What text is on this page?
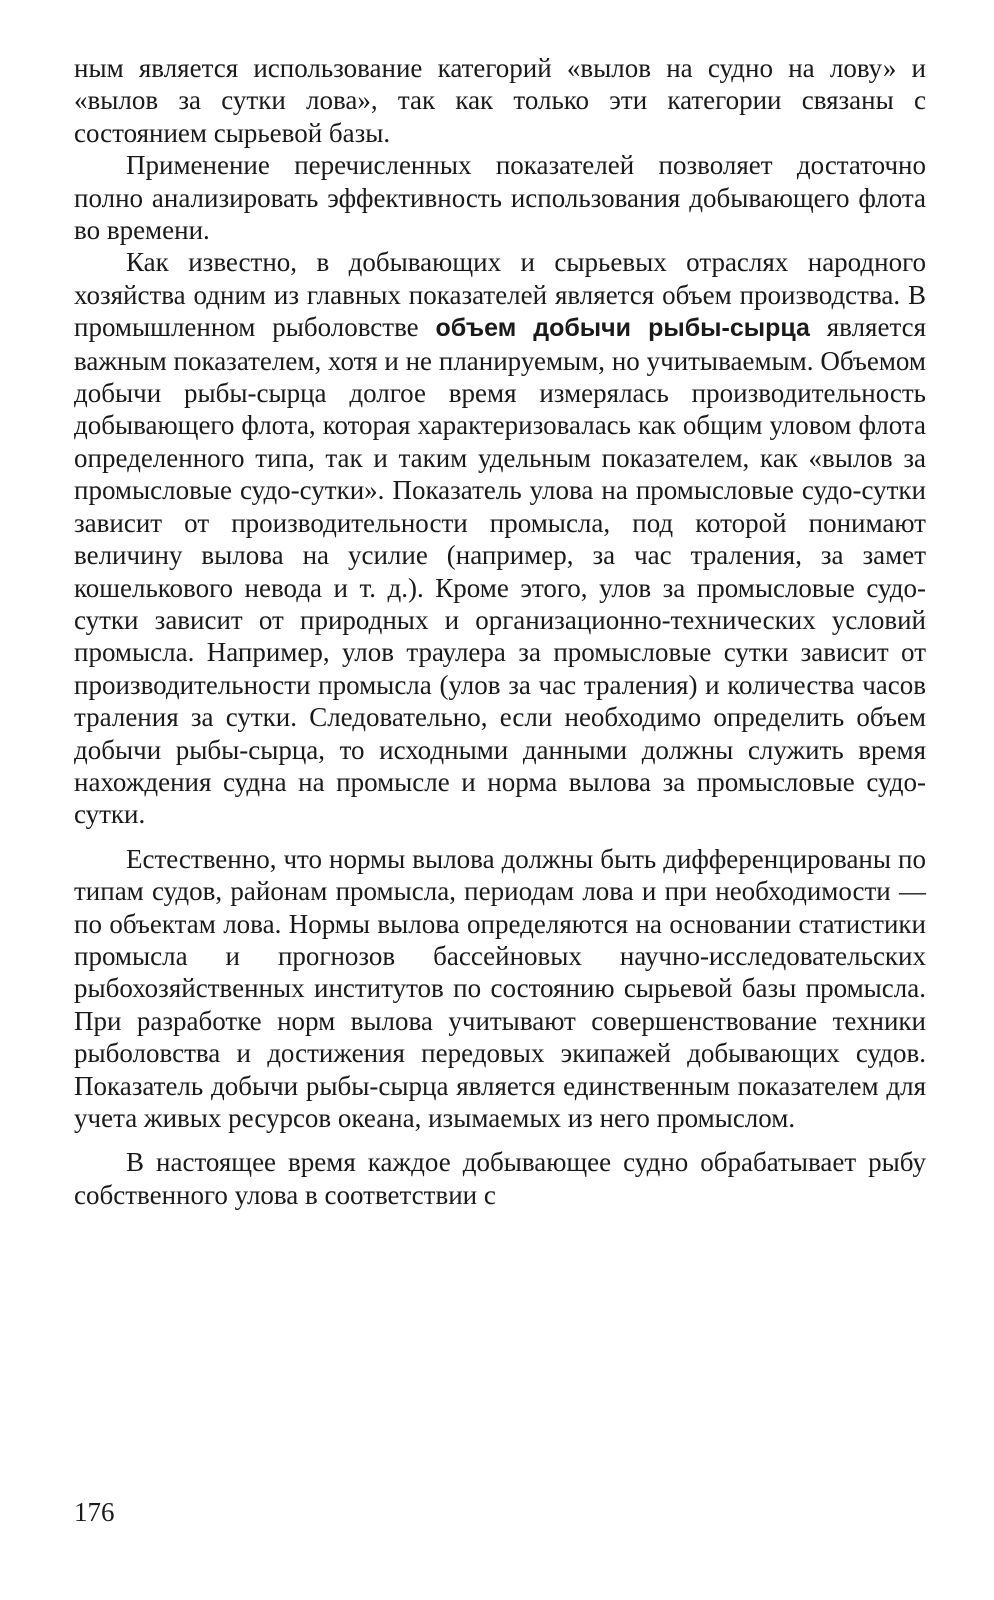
ным является использование категорий «вылов на судно на лову» и «вылов за сутки лова», так как только эти категории связаны с состоянием сырьевой базы.

Применение перечисленных показателей позволяет достаточно полно анализировать эффективность использования добывающего флота во времени.

Как известно, в добывающих и сырьевых отраслях народного хозяйства одним из главных показателей является объем производства. В промышленном рыболовстве объем добычи рыбы-сырца является важным показателем, хотя и не планируемым, но учитываемым. Объемом добычи рыбы-сырца долгое время измерялась производительность добывающего флота, которая характеризовалась как общим уловом флота определенного типа, так и таким удельным показателем, как «вылов за промысловые судо-сутки». Показатель улова на промысловые судо-сутки зависит от производительности промысла, под которой понимают величину вылова на усилие (например, за час траления, за замет кошелькового невода и т. д.). Кроме этого, улов за промысловые судо-сутки зависит от природных и организационно-технических условий промысла. Например, улов траулера за промысловые сутки зависит от производительности промысла (улов за час траления) и количества часов траления за сутки. Следовательно, если необходимо определить объем добычи рыбы-сырца, то исходными данными должны служить время нахождения судна на промысле и норма вылова за промысловые судо-сутки.

Естественно, что нормы вылова должны быть дифференцированы по типам судов, районам промысла, периодам лова и при необходимости — по объектам лова. Нормы вылова определяются на основании статистики промысла и прогнозов бассейновых научно-исследовательских рыбохозяйственных институтов по состоянию сырьевой базы промысла. При разработке норм вылова учитывают совершенствование техники рыболовства и достижения передовых экипажей добывающих судов. Показатель добычи рыбы-сырца является единственным показателем для учета живых ресурсов океана, изымаемых из него промыслом.

В настоящее время каждое добывающее судно обрабатывает рыбу собственного улова в соответствии с

176
